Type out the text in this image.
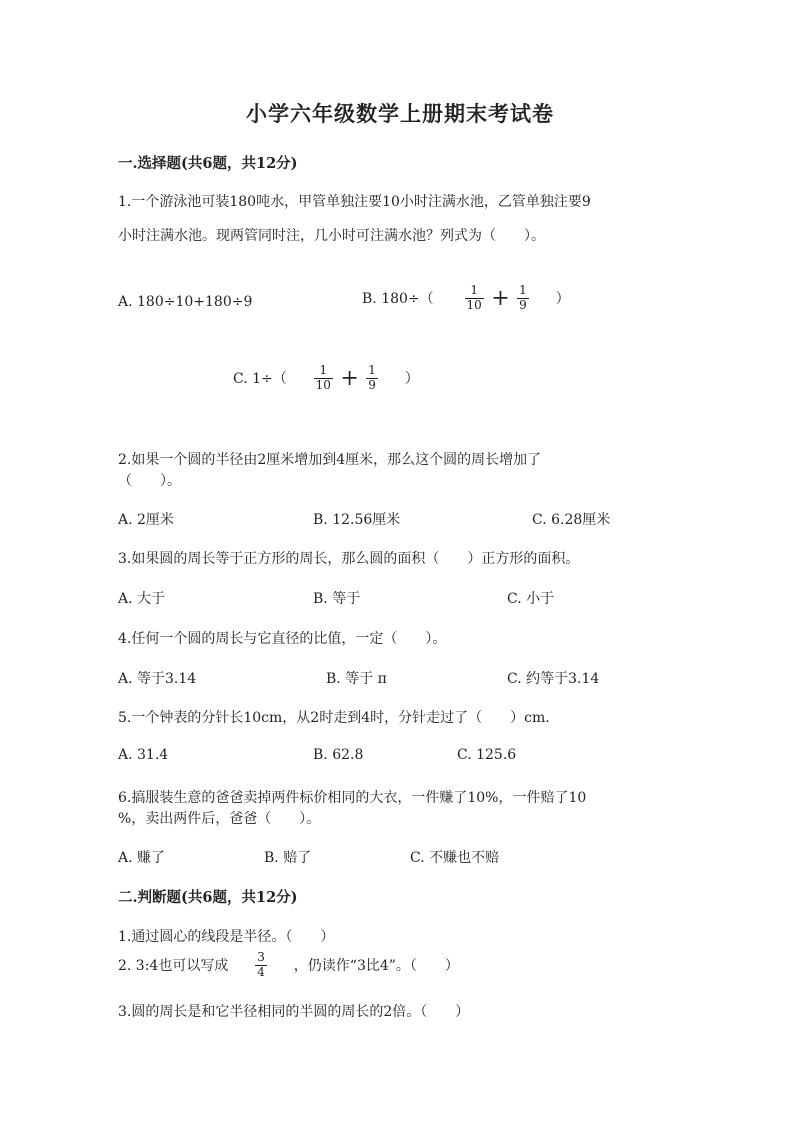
小学六年级数学上册期末考试卷
一.选择题(共6题，共12分)
1.一个游泳池可装180吨水，甲管单独注要10小时注满水池，乙管单独注要9
小时注满水池。现两管同时注，几小时可注满水池？列式为（　　）。
A. 180÷10+180÷9	B. 180÷（	$\frac{1}{10} + \frac{1}{9}$ ）
C. $1\div( \frac{1}{10} + \frac{1}{9}$ ）
2.如果一个圆的半径由2厘米增加到4厘米，那么这个圆的周长增加了
（　　）。
A. 2厘米	B. 12.56厘米	C. 6.28厘米
3.如果圆的周长等于正方形的周长，那么圆的面积（　　）正方形的面积。
A. 大于	B. 等于	C. 小于
4.任何一个圆的周长与它直径的比值，一定（　　）。
A. 等于3.14	B. 等于 π	C. 约等于3.14
5.一个钟表的分针长10cm，从2时走到4时，分针走过了（　　）cm.
A. 31.4	B. 62.8	C. 125.6
6.搞服装生意的爸爸卖掉两件标价相同的大衣，一件赚了10%，一件赔了10
%，卖出两件后，爸爸（　　）。
A. 赚了	B. 赔了	C. 不赚也不赔
二.判断题(共6题，共12分)
1.通过圆心的线段是半径。（　　）
2. 3:4也可以写成 $\frac{3}{4}$ ，仍读作“3比4”。（　　）
3.圆的周长是和它半径相同的半圆的周长的2倍。（　　）
